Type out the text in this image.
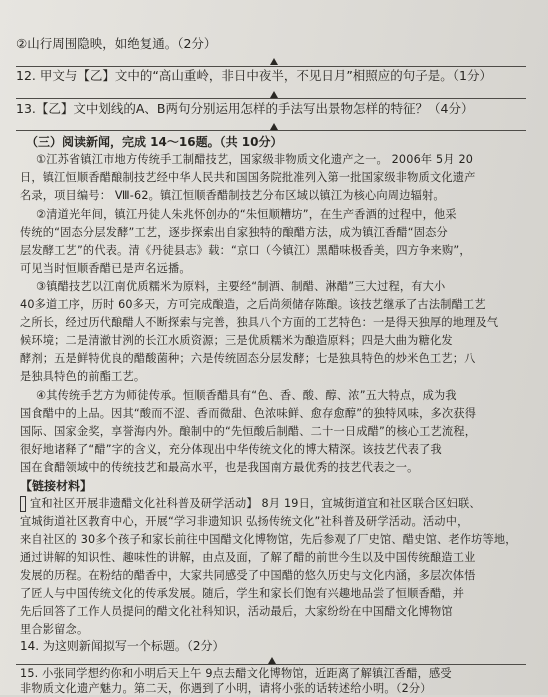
②山行周围隐映，如绝复通。（2分）
12. 甲文与【乙】文中的“高山重岭，非日中夜半，不见日月”相照应的句子是。（1分）
13.【乙】文中划线的A、B两句分别运用怎样的手法写出景物怎样的特征？（4分）
（三）阅读新闻，完成 14～16题。（共 10分）
①江苏省镇江市地方传统手工制醋技艺，国家级非物质文化遗产之一。 2006年 5月 20
日，镇江恒顺香醋酿制技艺经中华人民共和国国务院批准列入第一批国家级非物质文化遗产
名录，项目编号： Ⅷ-62。镇江恒顺香醋制技艺分布区域以镇江为核心向周边辐射。
②清道光年间，镇江丹徒人朱兆怀创办的“朱恒顺糟坊”，在生产香酒的过程中，他采
传统的“固态分层发酵”工艺，逐步探索出自家独特的酿醋方法，成为镇江香醋“固态分
层发酵工艺”的代表。清《丹徒县志》载：“京口（今镇江）黑醋味极香美，四方争来购”，
可见当时恒顺香醋已是声名远播。
③镇醋技艺以江南优质糯米为原料，主要经“制酒、制醋、淋醋”三大过程，有大小
40多道工序，历时 60多天，方可完成酿造，之后尚须储存陈酿。该技艺继承了古法制醋工艺
之所长，经过历代酿醋人不断探索与完善，独具八个方面的工艺特色：一是得天独厚的地理及气
候环境；二是清澈甘洌的长江水质资源；三是优质糯米为酿造原料；四是大曲为糖化发
酵剂；五是鲜特优良的醋酸菌种；六是传统固态分层发酵；七是独具特色的炒米色工艺；八
是独具特色的前酯工艺。
④其传统手艺方为师徒传承。恒顺香醋具有“色、香、酸、醇、浓”五大特点，成为我
国食醋中的上品。因其“酸而不涩、香而微甜、色浓味鲜、愈存愈醇”的独特风味，多次获得
国际、国家金奖，享誉海内外。酿制中的“先恒酸后制醋、二十一日成醋”的核心工艺流程，
很好地诸释了“醋”字的含义，充分体现出中华传统文化的博大精深。该技艺代表了我
国在食醋领域中的传统技艺和最高水平，也是我国南方最优秀的技艺代表之一。
【链接材料】
宜和社区开展非遗醋文化社科普及研学活动】 8月 19日，宜城街道宜和社区联合区妇联、
宜城街道社区教育中心，开展“学习非遗知识 弘扬传统文化”社科普及研学活动。活动中，
来自社区的 30多个孩子和家长前往中国醋文化博物馆，先后参观了厂史馆、醋史馆、老作坊等地，
通过讲解的知识性、趣味性的讲解，由点及面，了解了醋的前世今生以及中国传统酿造工业
发展的历程。在粉结的醋香中，大家共同感受了中国醋的悠久历史与文化内涵，多层次体悟
了匠人与中国传统文化的传承发展。随后，学生和家长们饱有兴趣地品尝了恒顺香醋，并
先后回答了工作人员提问的醋文化社科知识，活动最后，大家纷纷在中国醋文化博物馆
里合影留念。
14. 为这则新闻拟写一个标题。（2分）
15. 小张同学想约你和小明后天上午 9点去醋文化博物馆，近距离了解镇江香醋，感受
非物质文化遗产魅力。第二天，你遇到了小明，请将小张的话转述给小明。（2分）
